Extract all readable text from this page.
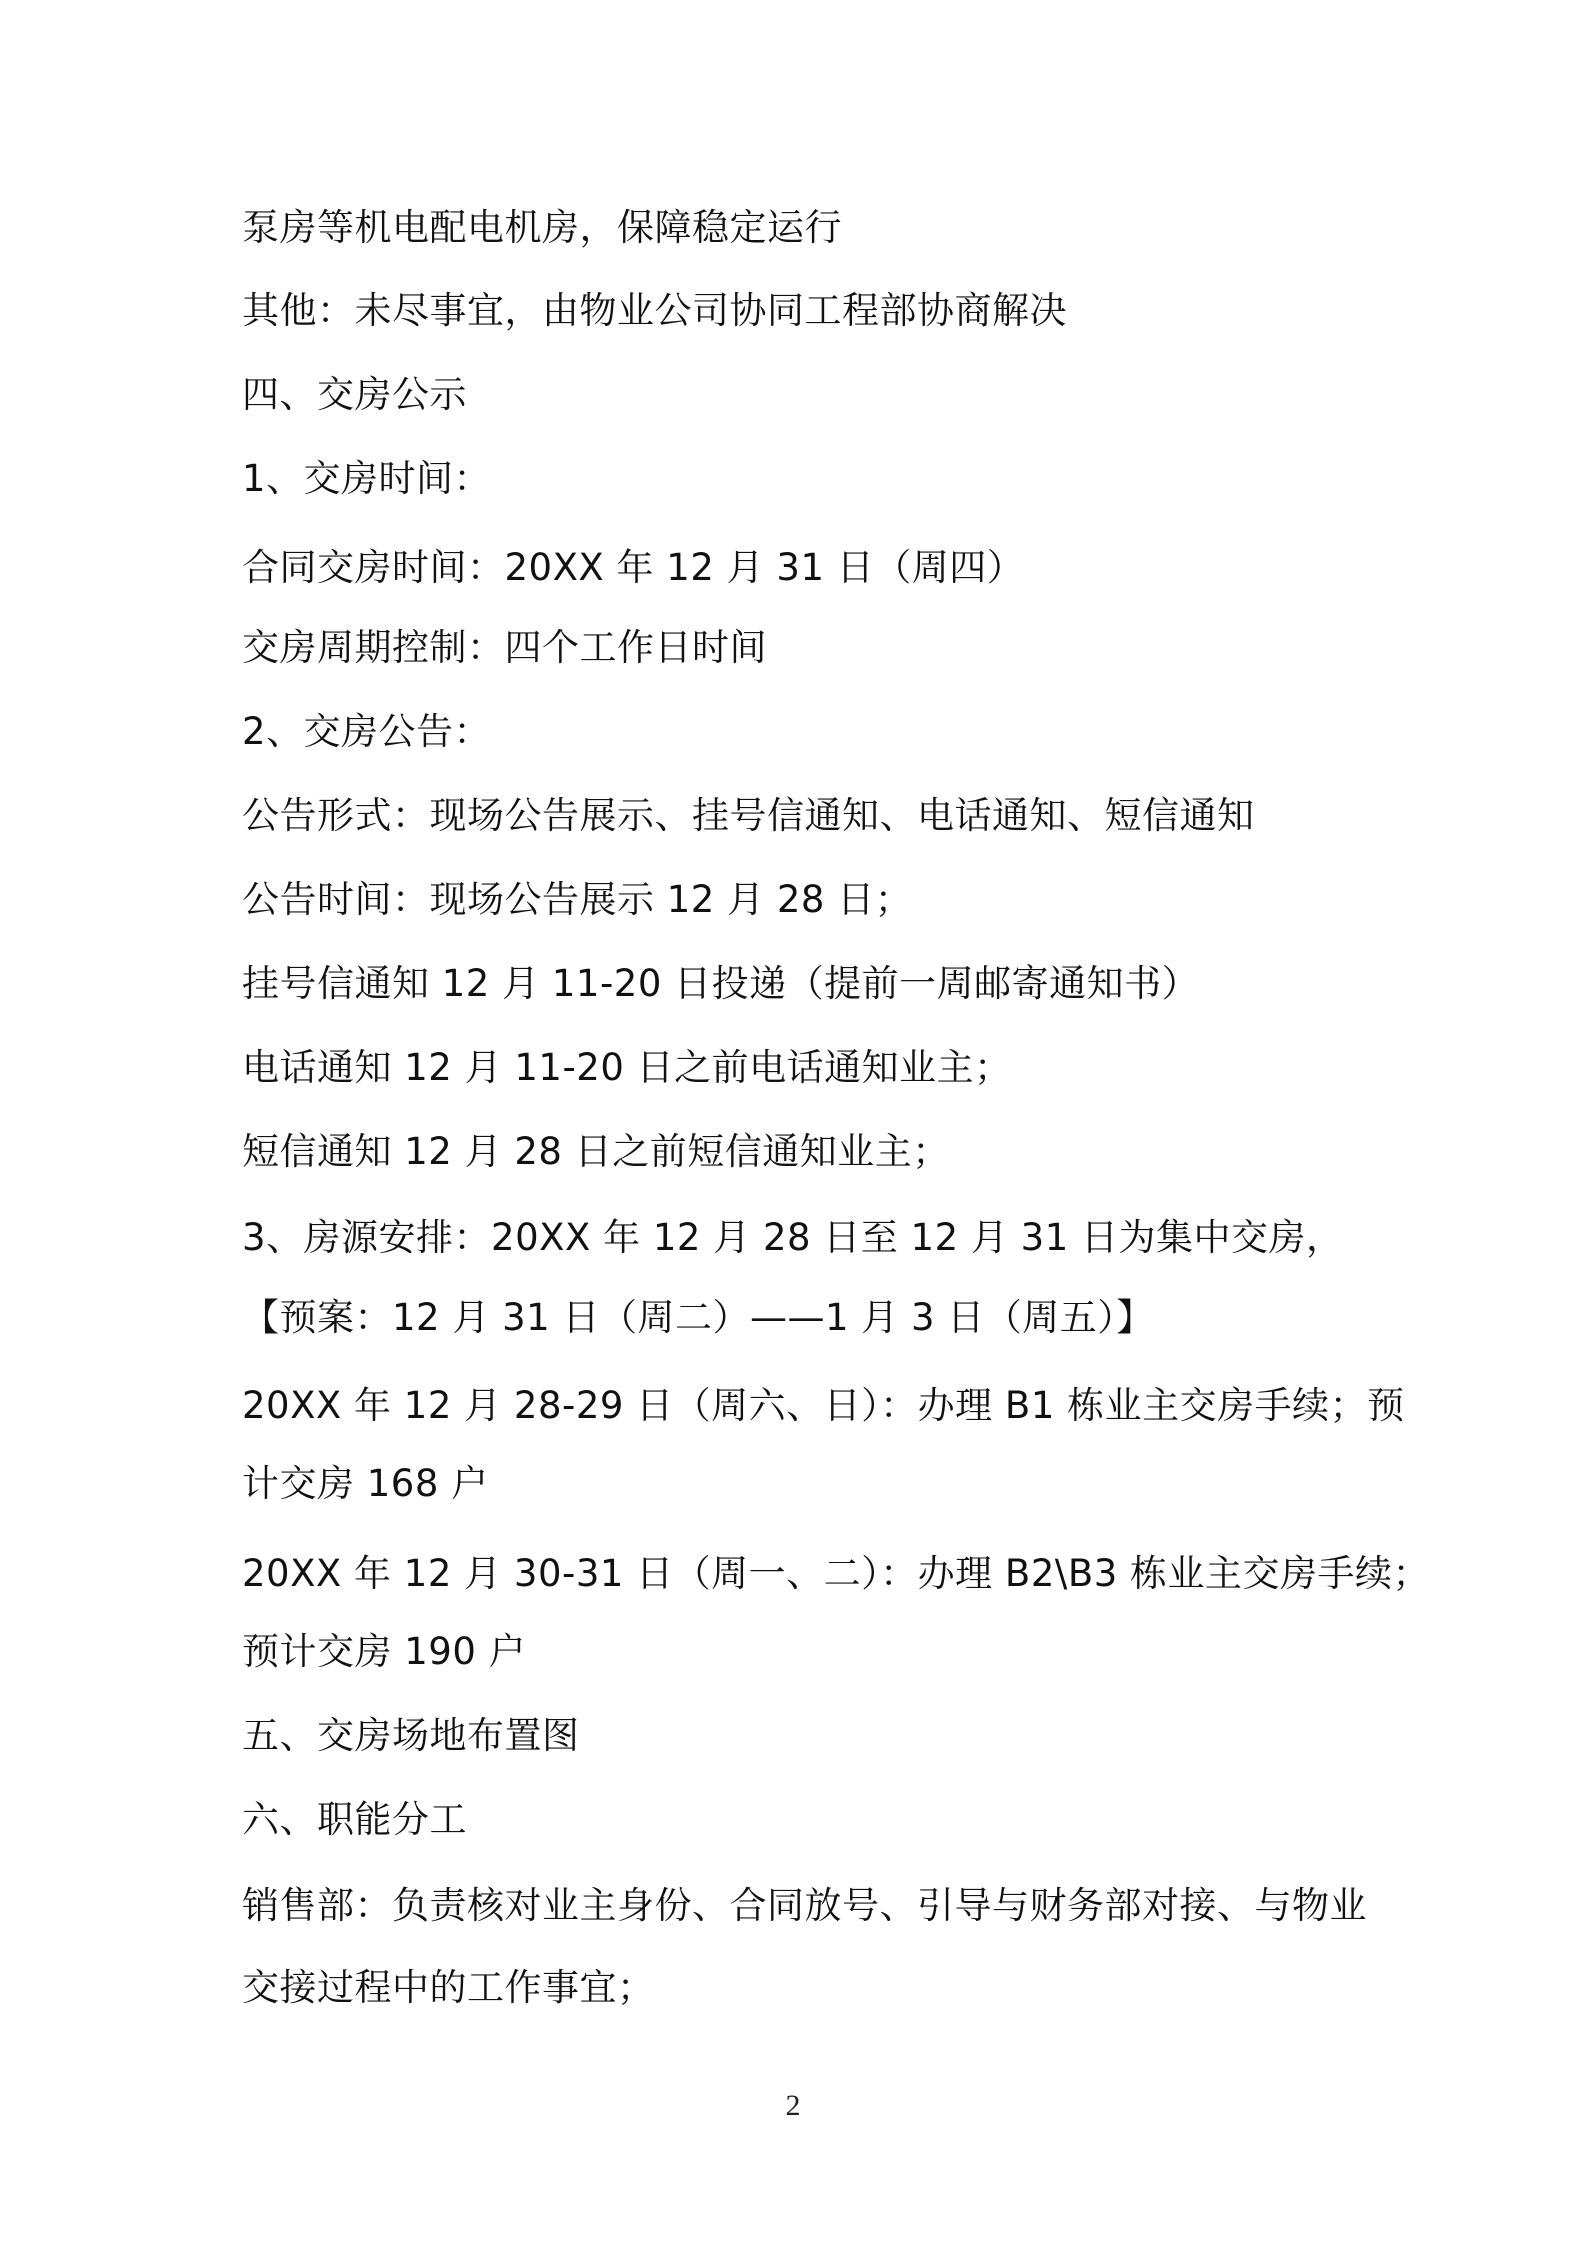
泵房等机电配电机房，保障稳定运行
其他：未尽事宜，由物业公司协同工程部协商解决
四、交房公示
1、交房时间：
合同交房时间：20XX 年 12 月 31 日（周四）
交房周期控制：四个工作日时间
2、交房公告：
公告形式：现场公告展示、挂号信通知、电话通知、短信通知
公告时间：现场公告展示 12 月 28 日；
挂号信通知 12 月 11-20 日投递（提前一周邮寄通知书）
电话通知 12 月 11-20 日之前电话通知业主；
短信通知 12 月 28 日之前短信通知业主；
3、房源安排：20XX 年 12 月 28 日至 12 月 31 日为集中交房，
【预案：12 月 31 日（周二）——1 月 3 日（周五）】
20XX 年 12 月 28-29 日（周六、日）：办理 B1 栋业主交房手续；预
计交房 168 户
20XX 年 12 月 30-31 日（周一、二）：办理 B2\B3 栋业主交房手续；
预计交房 190 户
五、交房场地布置图
六、职能分工
销售部：负责核对业主身份、合同放号、引导与财务部对接、与物业
交接过程中的工作事宜；
2
